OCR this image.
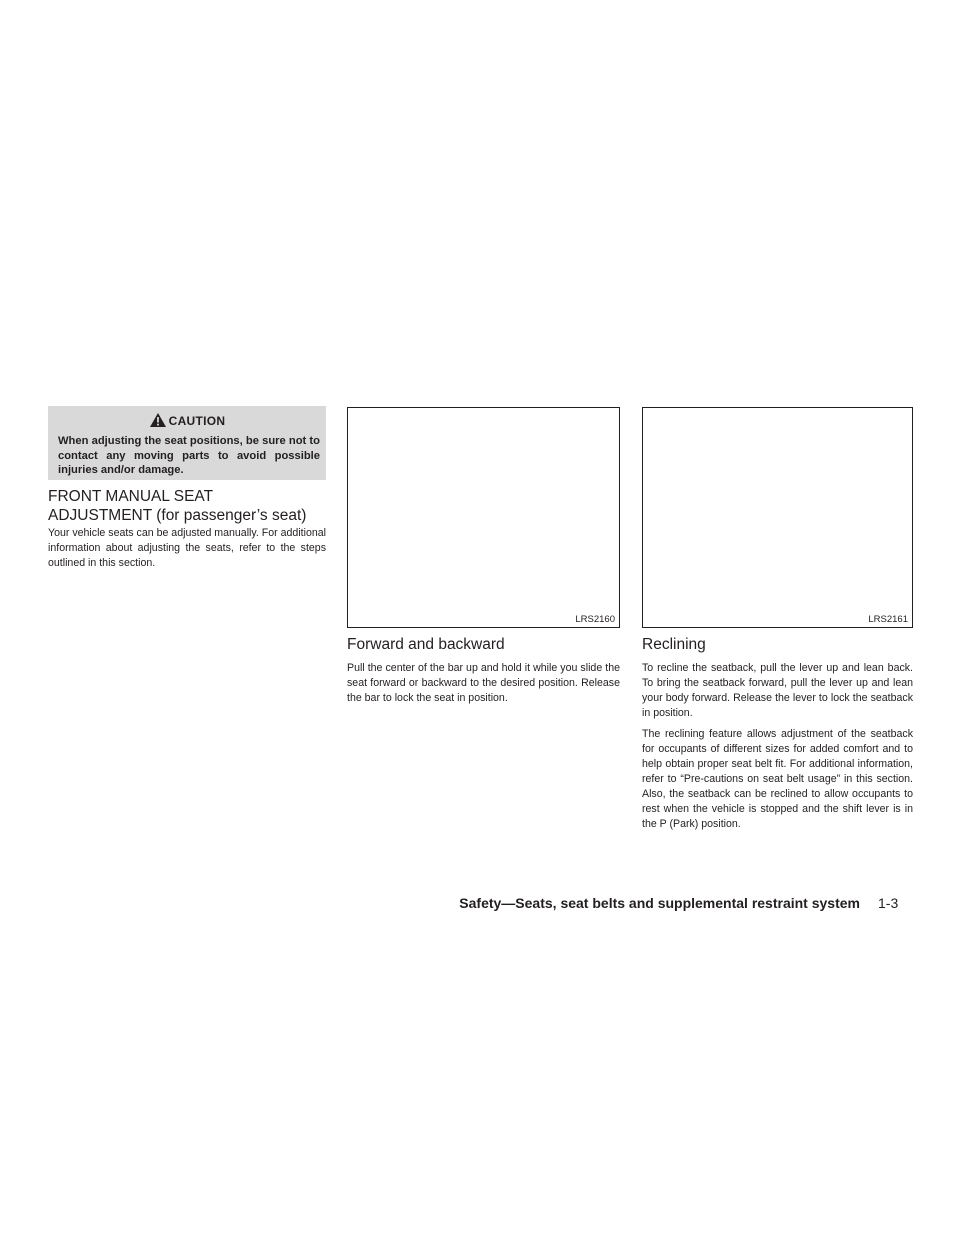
CAUTION
When adjusting the seat positions, be sure not to contact any moving parts to avoid possible injuries and/or damage.
FRONT MANUAL SEAT
ADJUSTMENT (for passenger’s seat)

Your vehicle seats can be adjusted manually. For additional information about adjusting the seats, refer to the steps outlined in this section.

LRS2160
Forward and backward

Pull the center of the bar up and hold it while you slide the seat forward or backward to the desired position. Release the bar to lock the seat in position.

LRS2161
Reclining

To recline the seatback, pull the lever up and lean back. To bring the seatback forward, pull the lever up and lean your body forward. Release the lever to lock the seatback in position.

The reclining feature allows adjustment of the seatback for occupants of different sizes for added comfort and to help obtain proper seat belt fit. For additional information, refer to “Pre-cautions on seat belt usage” in this section. Also, the seatback can be reclined to allow occupants to rest when the vehicle is stopped and the shift lever is in the P (Park) position.

Safety—Seats, seat belts and supplemental restraint system 1-3
